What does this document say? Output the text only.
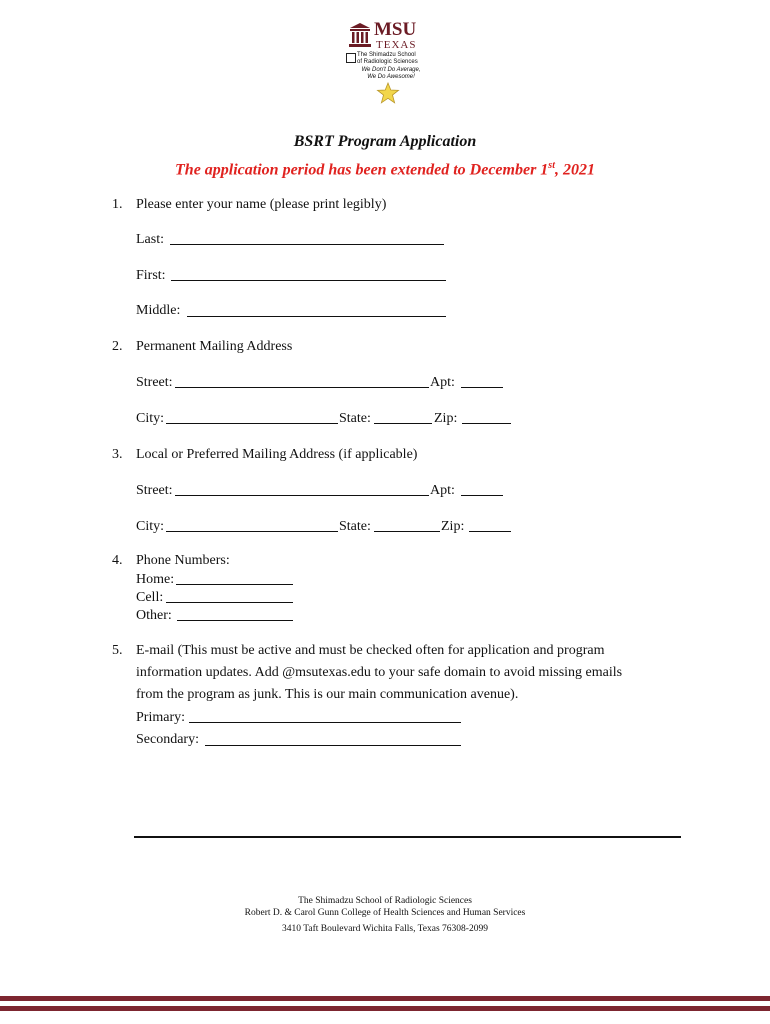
MSU
TEXAS
The Shimadzu School
of Radiologic Sciences
We Don't Do Average,
We Do Awesome!
BSRT Program Application
The application period has been extended to December 1st, 2021
1. Please enter your name (please print legibly)
Last:
First:
Middle:
2. Permanent Mailing Address
Street:	Apt:
City:	State:	Zip:
3. Local or Preferred Mailing Address (if applicable)
Street:	Apt:
City:	State:	Zip:
4. Phone Numbers:
Home:
Cell:
Other:
5. E-mail (This must be active and must be checked often for application and program
information updates. Add @msutexas.edu to your safe domain to avoid missing emails
from the program as junk. This is our main communication avenue).
Primary:
Secondary:
The Shimadzu School of Radiologic Sciences
Robert D. & Carol Gunn College of Health Sciences and Human Services
3410 Taft Boulevard Wichita Falls, Texas 76308-2099
